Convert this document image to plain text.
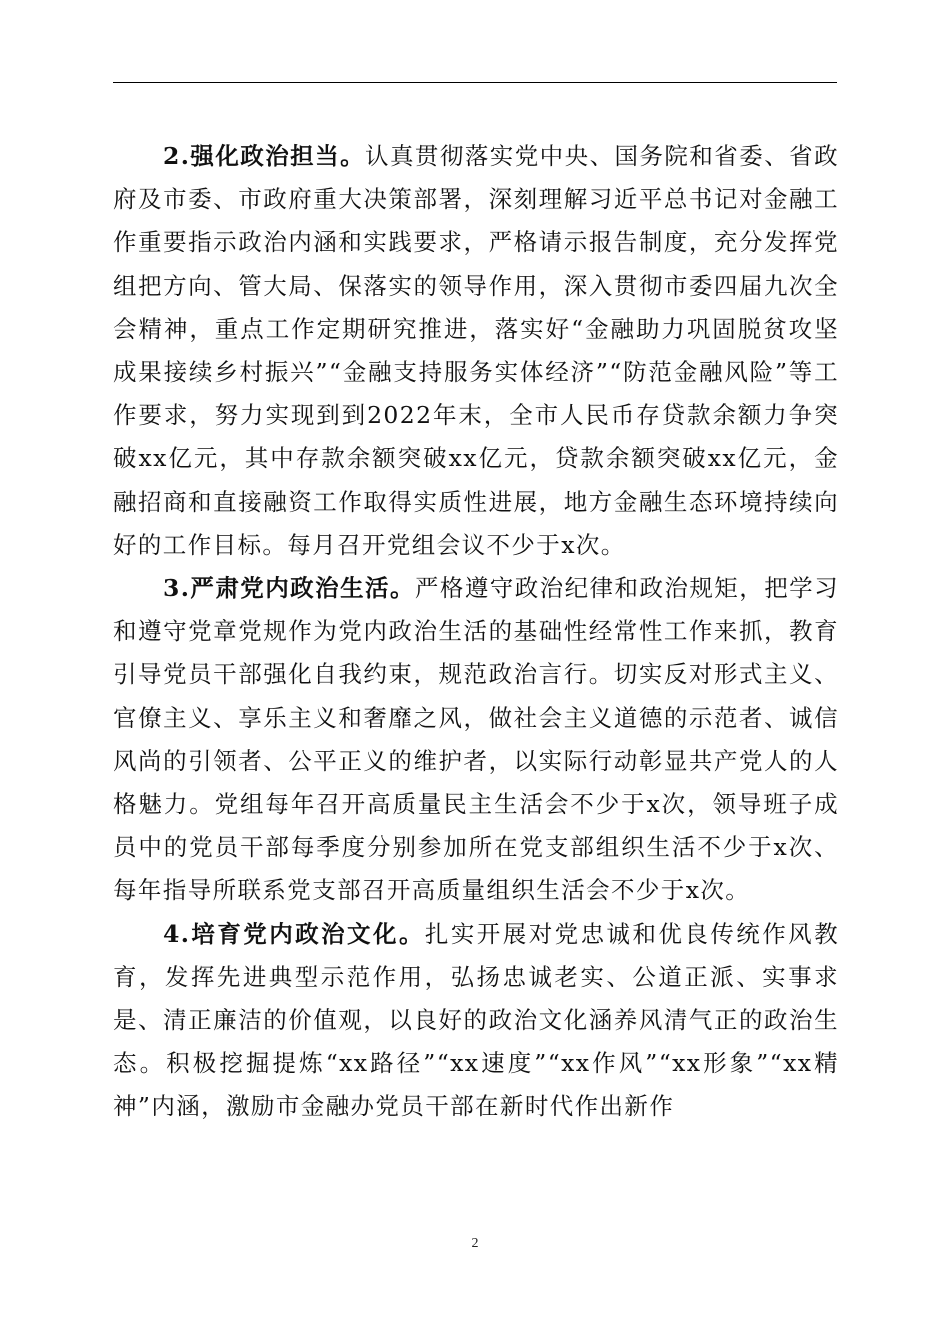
2.强化政治担当。认真贯彻落实党中央、国务院和省委、省政府及市委、市政府重大决策部署，深刻理解习近平总书记对金融工作重要指示政治内涵和实践要求，严格请示报告制度，充分发挥党组把方向、管大局、保落实的领导作用，深入贯彻市委四届九次全会精神，重点工作定期研究推进，落实好“金融助力巩固脱贫攻坚成果接续乡村振兴”“金融支持服务实体经济”“防范金融风险”等工作要求，努力实现到到2022年末，全市人民币存贷款余额力争突破xx亿元，其中存款余额突破xx亿元，贷款余额突破xx亿元，金融招商和直接融资工作取得实质性进展，地方金融生态环境持续向好的工作目标。每月召开党组会议不少于x次。

3.严肃党内政治生活。严格遵守政治纪律和政治规矩，把学习和遵守党章党规作为党内政治生活的基础性经常性工作来抓，教育引导党员干部强化自我约束，规范政治言行。切实反对形式主义、官僚主义、享乐主义和奢靡之风，做社会主义道德的示范者、诚信风尚的引领者、公平正义的维护者，以实际行动彰显共产党人的人格魅力。党组每年召开高质量民主生活会不少于x次，领导班子成员中的党员干部每季度分别参加所在党支部组织生活不少于x次、每年指导所联系党支部召开高质量组织生活会不少于x次。

4.培育党内政治文化。扎实开展对党忠诚和优良传统作风教育，发挥先进典型示范作用，弘扬忠诚老实、公道正派、实事求是、清正廉洁的价值观，以良好的政治文化涵养风清气正的政治生态。积极挖掘提炼“xx路径”“xx速度”“xx作风”“xx形象”“xx精神”内涵，激励市金融办党员干部在新时代作出新作

2
